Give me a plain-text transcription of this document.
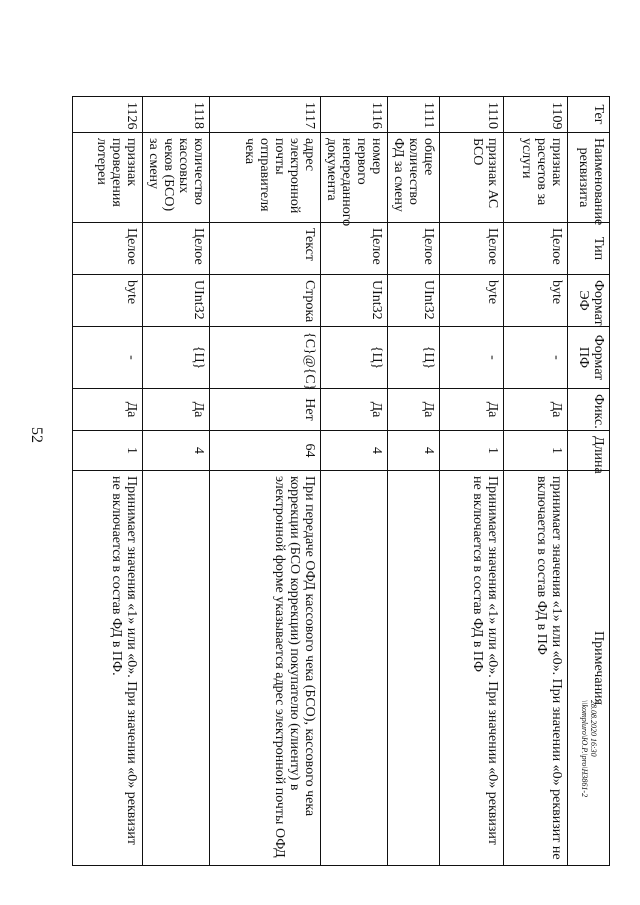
52
Тег	Наименование реквизита	Тип	Формат ЭФ	Формат ПФ	Фикс.	Длина	Примечания
1109	признак расчетов за услуги	Целое	byte	-	Да	1	принимает значения «1» или «0». При значении «0» реквизит не включается в состав ФД в ПФ
1110	признак АС БСО	Целое	byte	-	Да	1	Принимает значения «1» или «0». При значении «0» реквизит не включается в состав ФД в ПФ
1111	общее количество ФД за смену	Целое	UInt32	{Ц}	Да	4	
1116	номер первого непереданного документа	Целое	UInt32	{Ц}	Да	4	
1117	адрес электронной почты отправителя чека	Текст	Строка	{C}@{C}	Нет	64	При передаче ОФД кассового чека (БСО), кассового чека коррекции (БСО коррекции) покупателю (клиенту) в электронной форме указывается адрес электронной почты ОФД
1118	количество кассовых чеков (БСО) за смену	Целое	UInt32	{Ц}	Да	4	
1126	признак проведения лотереи	Целое	byte	-	Да	1	Принимает значения «1» или «0». При значении «0» реквизит не включается в состав ФД в ПФ.
28.08.2020 16:30
\\kompluro\Ю.Р.\pro\Н3861-2
